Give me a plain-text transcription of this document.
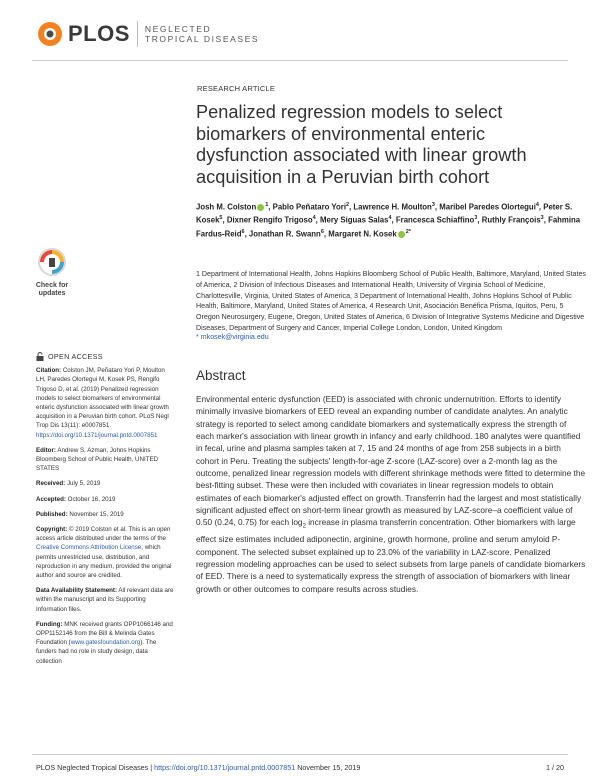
PLOS NEGLECTED
TROPICAL DISEASES
RESEARCH ARTICLE
Penalized regression models to select biomarkers of environmental enteric dysfunction associated with linear growth acquisition in a Peruvian birth cohort
Josh M. Colston $^1$, Pablo Peñataro Yori$^2$, Lawrence H. Moulton$^3$, Maribel Paredes Olortegui$^4$, Peter S. Kosek$^5$, Dixner Rengifo Trigoso$^4$, Mery Siguas Salas$^4$, Francesca Schiaffino$^3$, Ruthly François$^3$, Fahmina Fardus-Reid$^6$, Jonathan R. Swann$^6$, Margaret N. Kosek $^{2*}$
1 Department of International Health, Johns Hopkins Bloomberg School of Public Health, Baltimore, Maryland, United States of America, 2 Division of Infectious Diseases and International Health, University of Virginia School of Medicine, Charlottesville, Virginia, United States of America, 3 Department of International Health, Johns Hopkins School of Public Health, Baltimore, Maryland, United States of America, 4 Research Unit, Asociación Benéfica Prisma, Iquitos, Peru, 5 Oregon Neurosurgery, Eugene, Oregon, United States of America, 6 Division of Integrative Systems Medicine and Digestive Diseases, Department of Surgery and Cancer, Imperial College London, London, United Kingdom
* mkosek@virginia.edu
Abstract
Environmental enteric dysfunction (EED) is associated with chronic undernutrition. Efforts to identify minimally invasive biomarkers of EED reveal an expanding number of candidate analytes. An analytic strategy is reported to select among candidate biomarkers and systematically express the strength of each marker's association with linear growth in infancy and early childhood. 180 analytes were quantified in fecal, urine and plasma samples taken at 7, 15 and 24 months of age from 258 subjects in a birth cohort in Peru. Treating the subjects' length-for-age Z-score (LAZ-score) over a 2-month lag as the outcome, penalized linear regression models with different shrinkage methods were fitted to determine the best-fitting subset. These were then included with covariates in linear regression models to obtain estimates of each biomarker's adjusted effect on growth. Transferrin had the largest and most statistically significant adjusted effect on short-term linear growth as measured by LAZ-score–a coefficient value of 0.50 (0.24, 0.75) for each $\log_2$ increase in plasma transferrin concentration. Other biomarkers with large effect size estimates included adiponectin, arginine, growth hormone, proline and serum amyloid P-component. The selected subset explained up to 23.0% of the variability in LAZ-score. Penalized regression modeling approaches can be used to select subsets from large panels of candidate biomarkers of EED. There is a need to systematically express the strength of association of biomarkers with linear growth or other outcomes to compare results across studies.
Check for
updates
OPEN ACCESS
Citation: Colston JM, Peñataro Yori P, Moulton LH, Paredes Olortegui M, Kosek PS, Rengifo Trigoso D, et al. (2019) Penalized regression models to select biomarkers of environmental enteric dysfunction associated with linear growth acquisition in a Peruvian birth cohort. PLoS Negl Trop Dis 13(11): e0007851. https://doi.org/10.1371/journal.pntd.0007851
Editor: Andrew S. Azman, Johns Hopkins Bloomberg School of Public Health, UNITED STATES
Received: July 5, 2019
Accepted: October 16, 2019
Published: November 15, 2019
Copyright: © 2019 Colston et al. This is an open access article distributed under the terms of the Creative Commons Attribution License, which permits unrestricted use, distribution, and reproduction in any medium, provided the original author and source are credited.
Data Availability Statement: All relevant data are within the manuscript and its Supporting Information files.
Funding: MNK received grants OPP1066146 and OPP1152146 from the Bill & Melinda Gates Foundation (www.gatesfoundation.org). The funders had no role in study design, data collection
PLOS Neglected Tropical Diseases | https://doi.org/10.1371/journal.pntd.0007851 November 15, 2019	1 / 20
